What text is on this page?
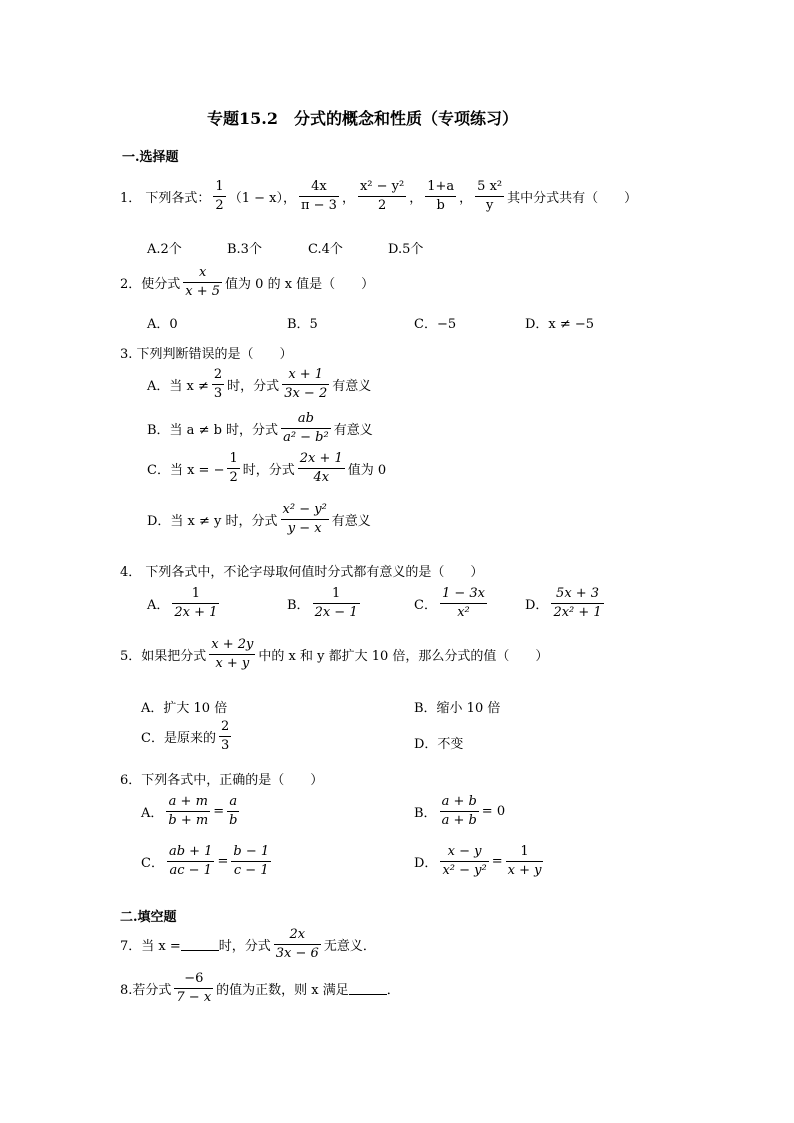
专题15.2　分式的概念和性质（专项练习）
一.选择题
1． 下列各式： $\frac{1}{2} (1 - x)$， $\frac{4x}{\pi - 3}$ ， $\frac{\text{x² − y²}}{2}$ ， $\frac{1+a}{b}$ ， $\frac{\text{5 x²}}{y}$ 其中分式共有（　　）
A.2个	B.3个	C.4个	D.5个
2．使分式 $\frac{x}{x + 5}$ 值为 0 的 x 值是（　　）
A．0	B．5	C．−5	D．x ≠ −5
3. 下列判断错误的是（　　）
A．当 $x \ne \frac{2}{3}$ 时，分式 $\frac{x + 1}{3x - 2}$ 有意义
B．当 a ≠ b 时，分式 $\frac{ab}{\text{a² − b²}}$ 有意义
C．当 x = − $\frac{1}{2}$ 时，分式 $\frac{2x + 1}{4x}$ 值为 0
D．当 x ≠ y 时，分式 $\frac{\text{x² − y²}}{y - x}$ 有意义
4． 下列各式中，不论字母取何值时分式都有意义的是（　　）
A． $\frac{1}{2x + 1}$	B． $\frac{1}{2x - 1}$	C． $\frac{1 - 3x}{\text{x²}}$	D． $\frac{5x + 3}{\text{2x² + 1}}$
5．如果把分式 $\frac{x + 2y}{x + y}$ 中的 x 和 y 都扩大 10 倍，那么分式的值（　　）
A．扩大 10 倍	B．缩小 10 倍
C．是原来的 $\frac{2}{3}$	D．不变
6．下列各式中，正确的是（　　）
A． $\frac{a + m}{b + m} = \frac{a}{b}$	B． $\frac{a + b}{a + b} = 0$
C． $\frac{ab + 1}{ac - 1} = \frac{b - 1}{c - 1}$	D． $\frac{x - y}{\text{x² − y²}} = \frac{1}{x + y}$
二.填空题
7．当 x =	时，分式 $\frac{2x}{3x - 6}$ 无意义．
8.若分式 $\frac{-6}{7 - x}$ 的值为正数，则 x 满足	．
